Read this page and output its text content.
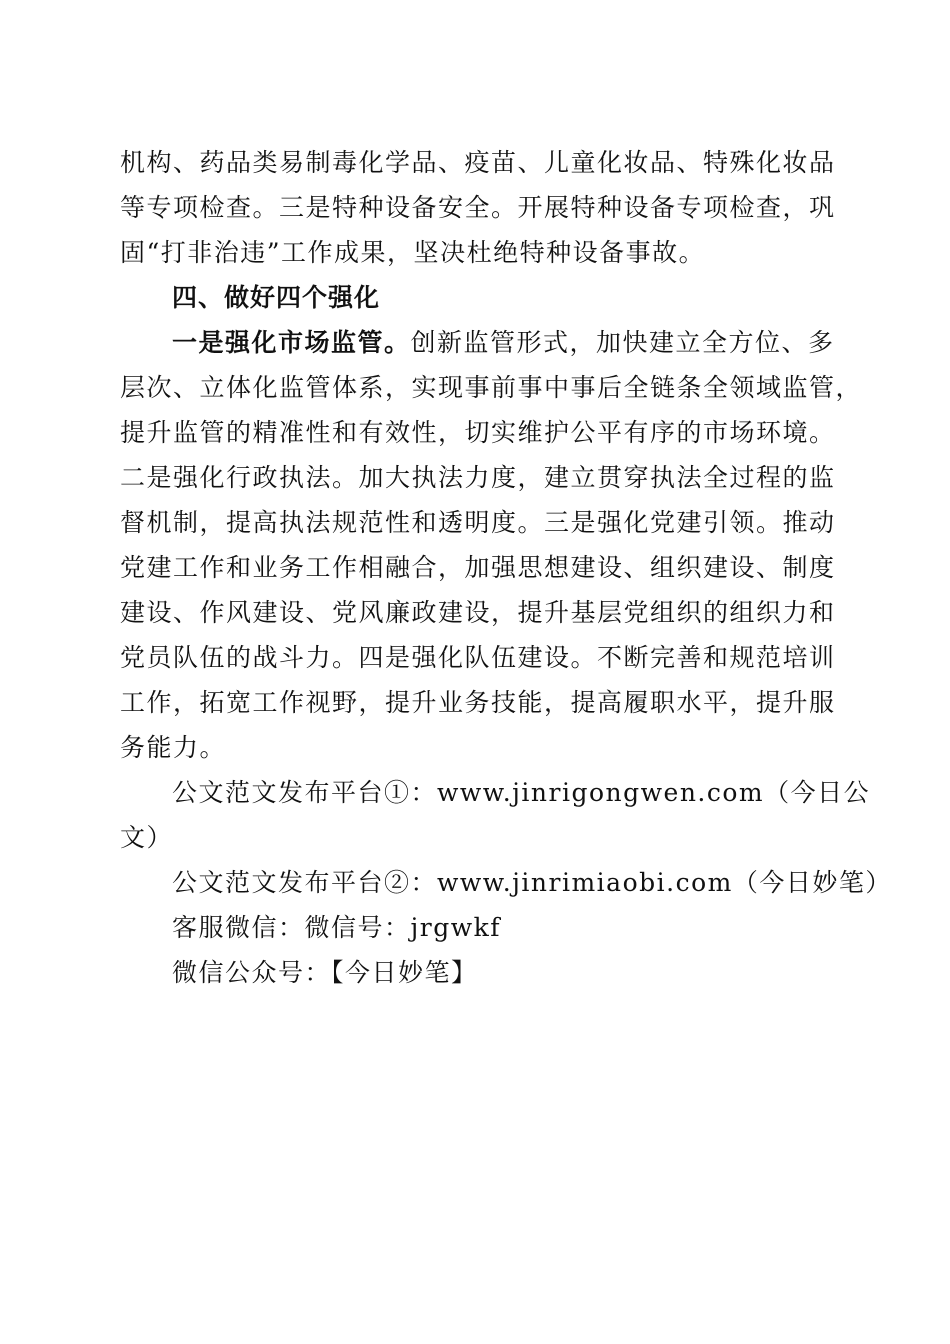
机构、药品类易制毒化学品、疫苗、儿童化妆品、特殊化妆品
等专项检查。三是特种设备安全。开展特种设备专项检查，巩
固“打非治违”工作成果，坚决杜绝特种设备事故。
四、做好四个强化
一是强化市场监管。创新监管形式，加快建立全方位、多
层次、立体化监管体系，实现事前事中事后全链条全领域监管，
提升监管的精准性和有效性，切实维护公平有序的市场环境。
二是强化行政执法。加大执法力度，建立贯穿执法全过程的监
督机制，提高执法规范性和透明度。三是强化党建引领。推动
党建工作和业务工作相融合，加强思想建设、组织建设、制度
建设、作风建设、党风廉政建设，提升基层党组织的组织力和
党员队伍的战斗力。四是强化队伍建设。不断完善和规范培训
工作，拓宽工作视野，提升业务技能，提高履职水平，提升服
务能力。
公文范文发布平台①：www.jinrigongwen.com（今日公
文）
公文范文发布平台②：www.jinrimiaobi.com（今日妙笔）
客服微信：微信号：jrgwkf
微信公众号：【今日妙笔】
